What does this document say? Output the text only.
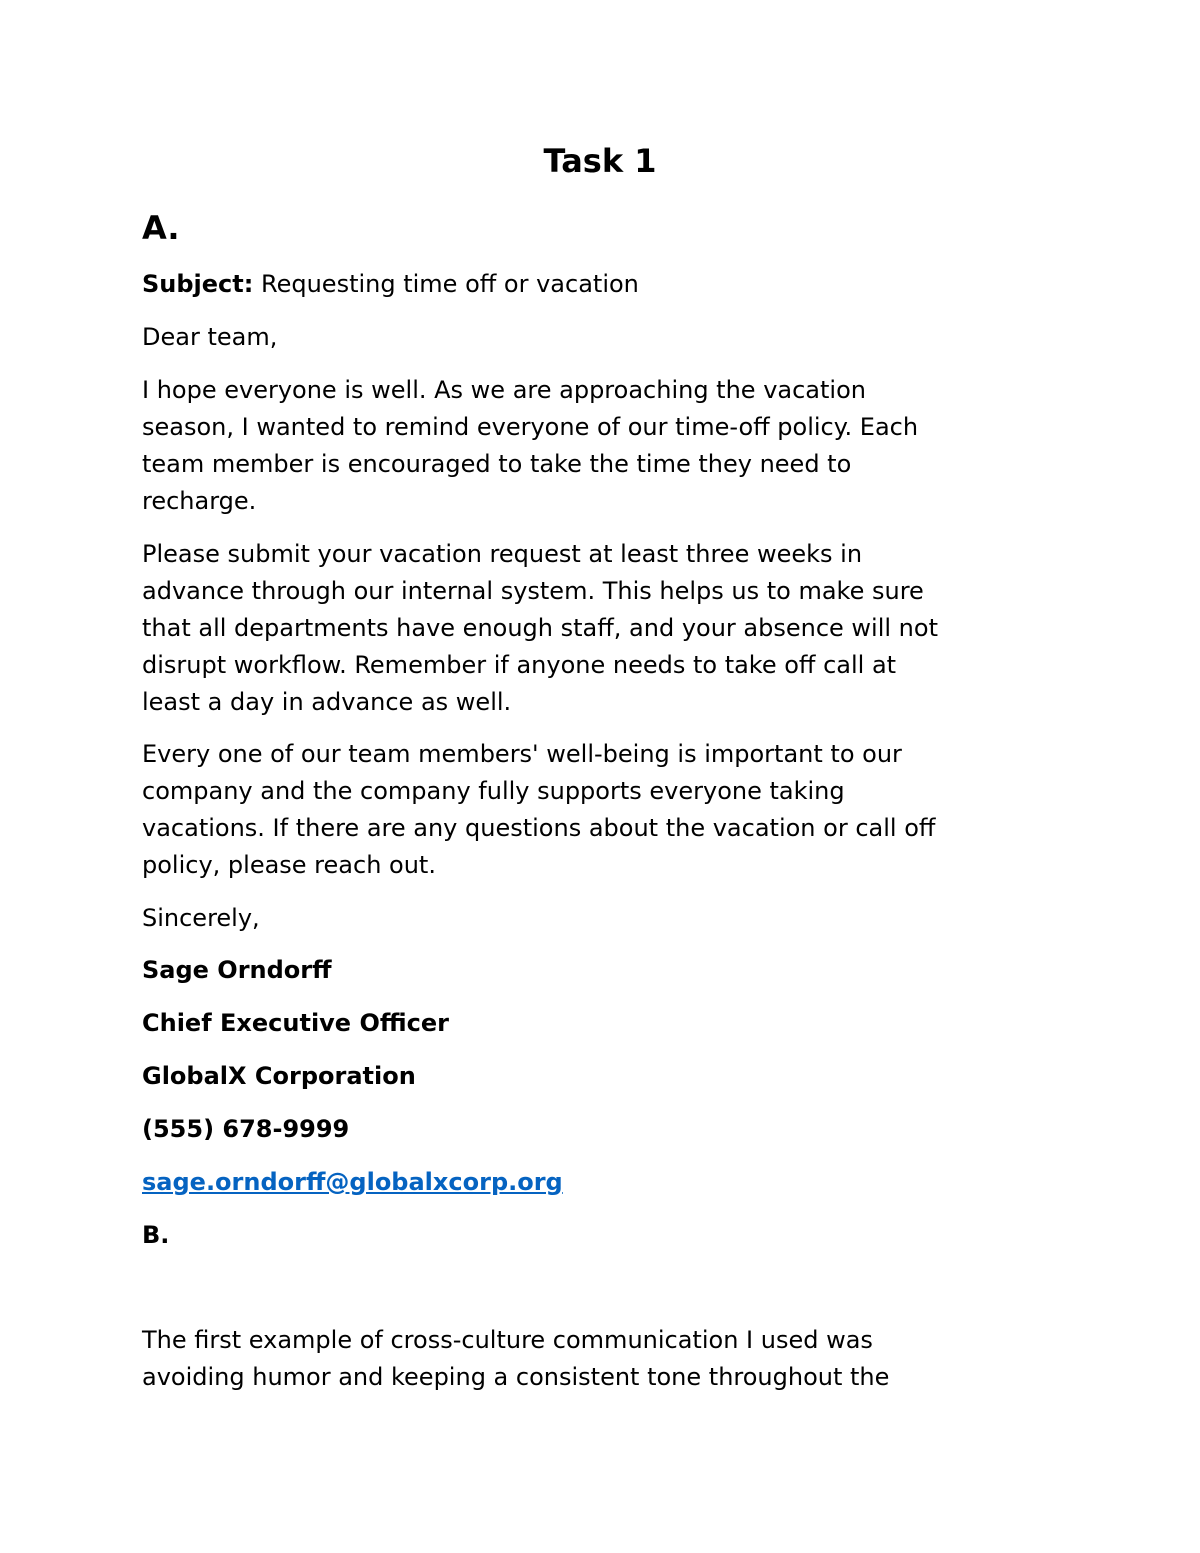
Task 1
A.
Subject: Requesting time off or vacation
Dear team,
I hope everyone is well. As we are approaching the vacation
season, I wanted to remind everyone of our time-off policy. Each
team member is encouraged to take the time they need to
recharge.
Please submit your vacation request at least three weeks in
advance through our internal system. This helps us to make sure
that all departments have enough staff, and your absence will not
disrupt workflow. Remember if anyone needs to take off call at
least a day in advance as well.
Every one of our team members' well-being is important to our
company and the company fully supports everyone taking
vacations. If there are any questions about the vacation or call off
policy, please reach out.
Sincerely,
Sage Orndorff
Chief Executive Officer
GlobalX Corporation
(555) 678-9999
sage.orndorff@globalxcorp.org
B.
The first example of cross-culture communication I used was
avoiding humor and keeping a consistent tone throughout the
